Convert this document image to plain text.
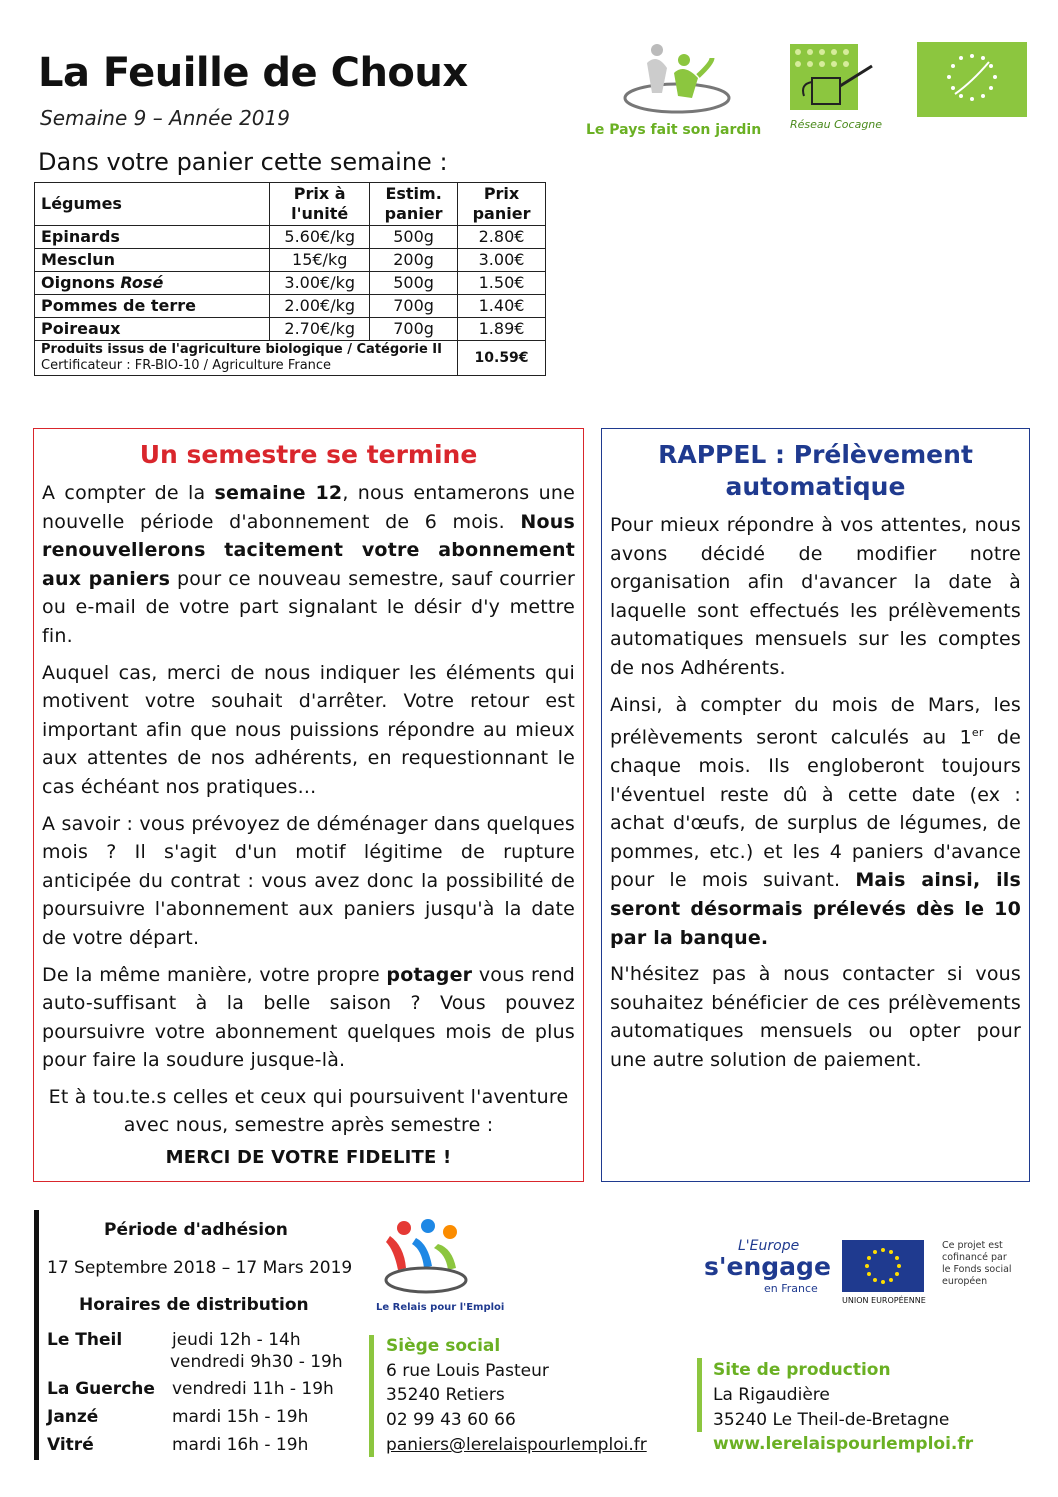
La Feuille de Choux
Semaine 9 – Année 2019	Le Pays fait son jardin	Réseau Cocagne
Dans votre panier cette semaine :
Légumes	Prix à l'unité	Estim. panier	Prix panier
Epinards	5.60€/kg	500g	2.80€
Mesclun	15€/kg	200g	3.00€
Oignons Rosé	3.00€/kg	500g	1.50€
Pommes de terre	2.00€/kg	700g	1.40€
Poireaux	2.70€/kg	700g	1.89€

Produits issus de l'agriculture biologique / Catégorie II
Certificateur : FR-BIO-10 / Agriculture France			10.59€
Un semestre se termine

A compter de la semaine 12, nous entamerons une nouvelle période d'abonnement de 6 mois. Nous renouvellerons tacitement votre abonnement aux paniers pour ce nouveau semestre, sauf courrier ou e-mail de votre part signalant le désir d'y mettre fin.

Auquel cas, merci de nous indiquer les éléments qui motivent votre souhait d'arrêter. Votre retour est important afin que nous puissions répondre au mieux aux attentes de nos adhérents, en requestionnant le cas échéant nos pratiques...

A savoir : vous prévoyez de déménager dans quelques mois ? Il s'agit d'un motif légitime de rupture anticipée du contrat : vous avez donc la possibilité de poursuivre l'abonnement aux paniers jusqu'à la date de votre départ.

De la même manière, votre propre potager vous rend auto-suffisant à la belle saison ? Vous pouvez poursuivre votre abonnement quelques mois de plus pour faire la soudure jusque-là.

Et à tou.te.s celles et ceux qui poursuivent l'aventure avec nous, semestre après semestre :

MERCI DE VOTRE FIDELITE !

RAPPEL : Prélèvement automatique

Pour mieux répondre à vos attentes, nous avons décidé de modifier notre organisation afin d'avancer la date à laquelle sont effectués les prélèvements automatiques mensuels sur les comptes de nos Adhérents.

Ainsi, à compter du mois de Mars, les prélèvements seront calculés au 1er de chaque mois. Ils engloberont toujours l'éventuel reste dû à cette date (ex : achat d'œufs, de surplus de légumes, de pommes, etc.) et les 4 paniers d'avance pour le mois suivant. Mais ainsi, ils seront désormais prélevés dès le 10 par la banque.

N'hésitez pas à nous contacter si vous souhaitez bénéficier de ces prélèvements automatiques mensuels ou opter pour une autre solution de paiement.

Période d'adhésion
17 Septembre 2018 – 17 Mars 2019
Horaires de distribution
Le Theil	jeudi 12h - 14h
vendredi 9h30 - 19h
La Guerche vendredi 11h - 19h
Janzé	mardi 15h - 19h
Vitré	mardi 16h - 19h
Le Relais pour l'Emploi
Siège social
6 rue Louis Pasteur
35240 Retiers
02 99 43 60 66
paniers@lerelaispourlemploi.fr
L'Europe
s'engage
en France
UNION EUROPÉENNE
Ce projet est cofinancé par le Fonds social européen
Site de production
La Rigaudière
35240 Le Theil-de-Bretagne
www.lerelaispourlemploi.fr
